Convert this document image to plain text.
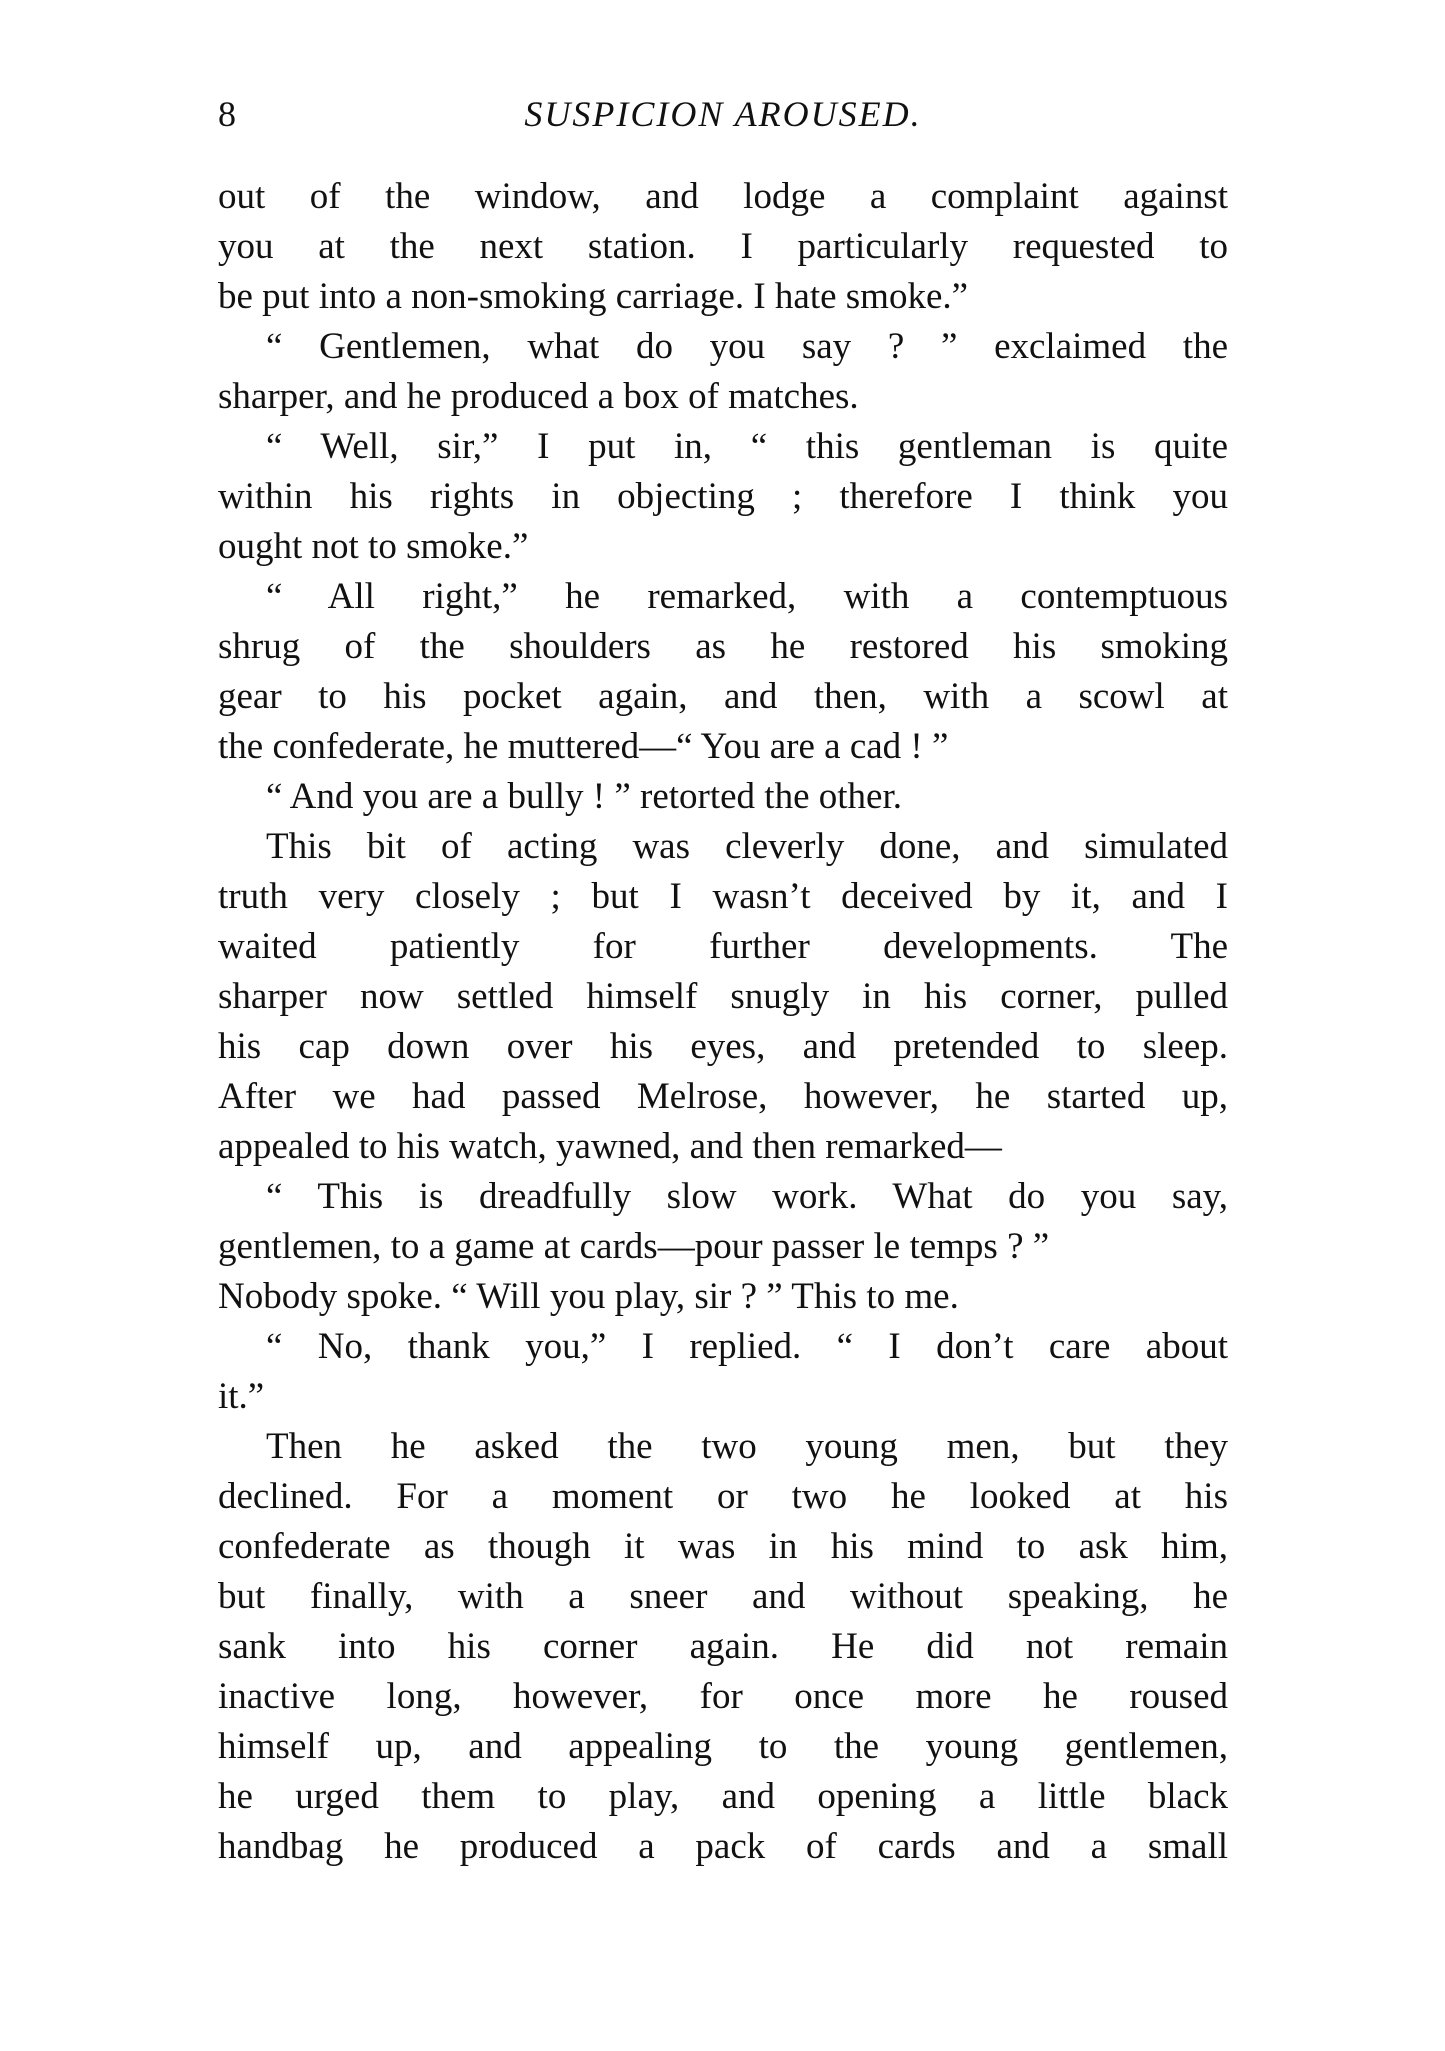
8	SUSPICION AROUSED.
out of the window, and lodge a complaint against
you at the next station. I particularly requested to
be put into a non-smoking carriage. I hate smoke.”
“ Gentlemen, what do you say ? ” exclaimed the
sharper, and he produced a box of matches.
“ Well, sir,” I put in, “ this gentleman is quite
within his rights in objecting ; therefore I think you
ought not to smoke.”
“ All right,” he remarked, with a contemptuous
shrug of the shoulders as he restored his smoking
gear to his pocket again, and then, with a scowl at
the confederate, he muttered—“ You are a cad ! ”
“ And you are a bully ! ” retorted the other.
This bit of acting was cleverly done, and simulated
truth very closely ; but I wasn’t deceived by it, and I
waited patiently for further developments. The
sharper now settled himself snugly in his corner, pulled
his cap down over his eyes, and pretended to sleep.
After we had passed Melrose, however, he started up,
appealed to his watch, yawned, and then remarked—
“ This is dreadfully slow work. What do you say,
gentlemen, to a game at cards—pour passer le temps ? ”
Nobody spoke. “ Will you play, sir ? ” This to me.
“ No, thank you,” I replied. “ I don’t care about
it.”
Then he asked the two young men, but they
declined. For a moment or two he looked at his
confederate as though it was in his mind to ask him,
but finally, with a sneer and without speaking, he
sank into his corner again. He did not remain
inactive long, however, for once more he roused
himself up, and appealing to the young gentlemen,
he urged them to play, and opening a little black
handbag he produced a pack of cards and a small
